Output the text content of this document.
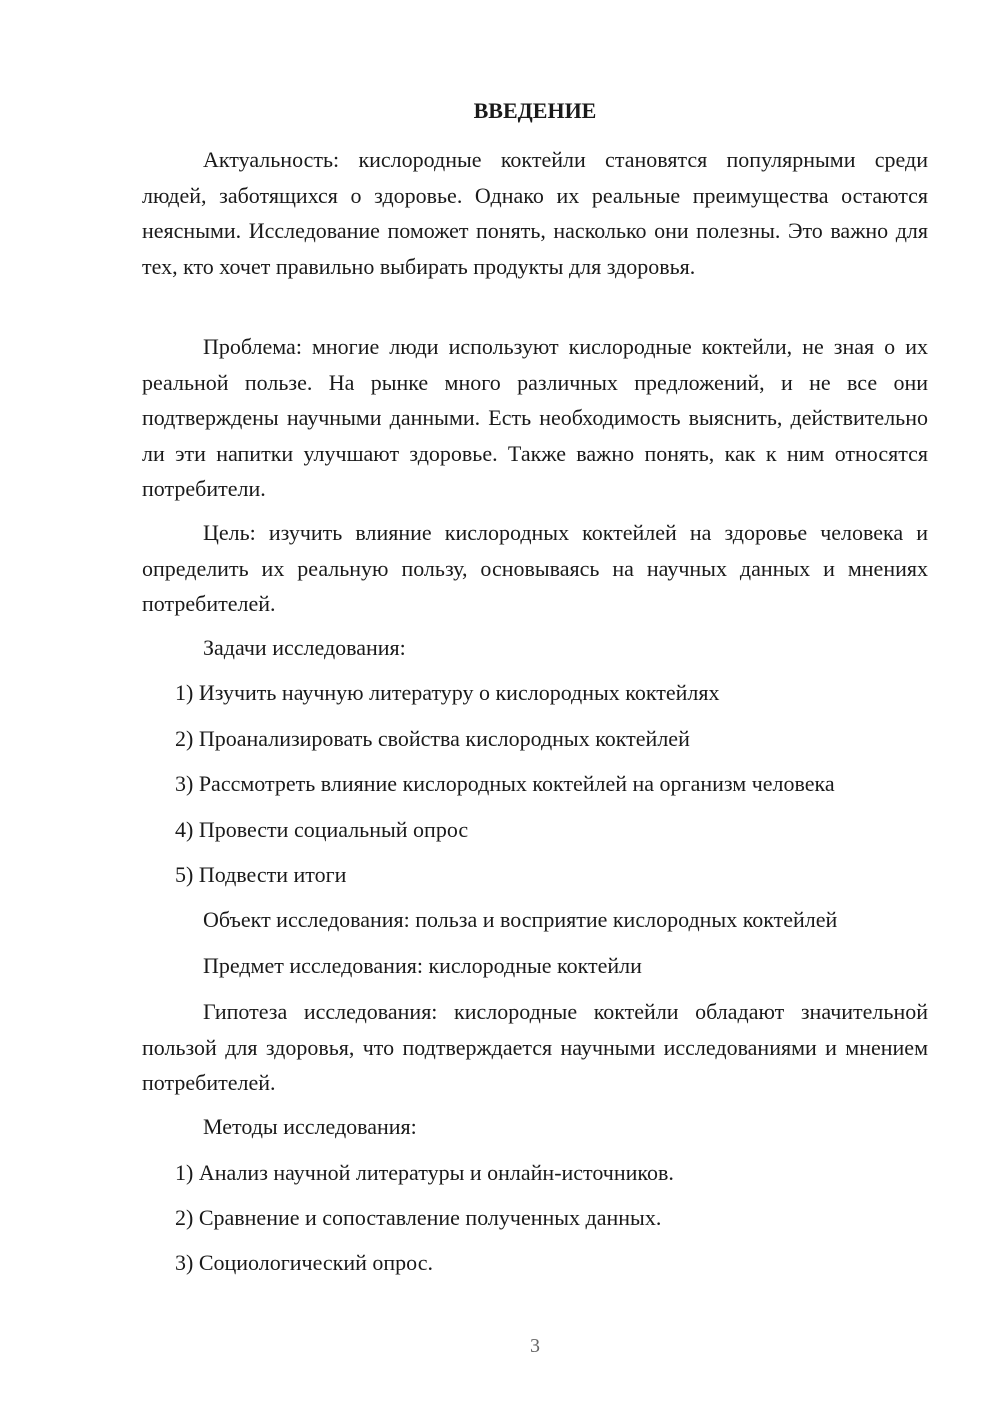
ВВЕДЕНИЕ

Актуальность: кислородные коктейли становятся популярными среди людей, заботящихся о здоровье. Однако их реальные преимущества остаются неясными. Исследование поможет понять, насколько они полезны. Это важно для тех, кто хочет правильно выбирать продукты для здоровья.

Проблема: многие люди используют кислородные коктейли, не зная о их реальной пользе. На рынке много различных предложений, и не все они подтверждены научными данными. Есть необходимость выяснить, действительно ли эти напитки улучшают здоровье. Также важно понять, как к ним относятся потребители.

Цель: изучить влияние кислородных коктейлей на здоровье человека и определить их реальную пользу, основываясь на научных данных и мнениях потребителей.

Задачи исследования:

1) Изучить научную литературу о кислородных коктейлях

2) Проанализировать свойства кислородных коктейлей

3) Рассмотреть влияние кислородных коктейлей на организм человека

4) Провести социальный опрос

5) Подвести итоги

Объект исследования: польза и восприятие кислородных коктейлей

Предмет исследования: кислородные коктейли

Гипотеза исследования: кислородные коктейли обладают значительной пользой для здоровья, что подтверждается научными исследованиями и мнением потребителей.

Методы исследования:

1) Анализ научной литературы и онлайн-источников.

2) Сравнение и сопоставление полученных данных.

3) Социологический опрос.

3
